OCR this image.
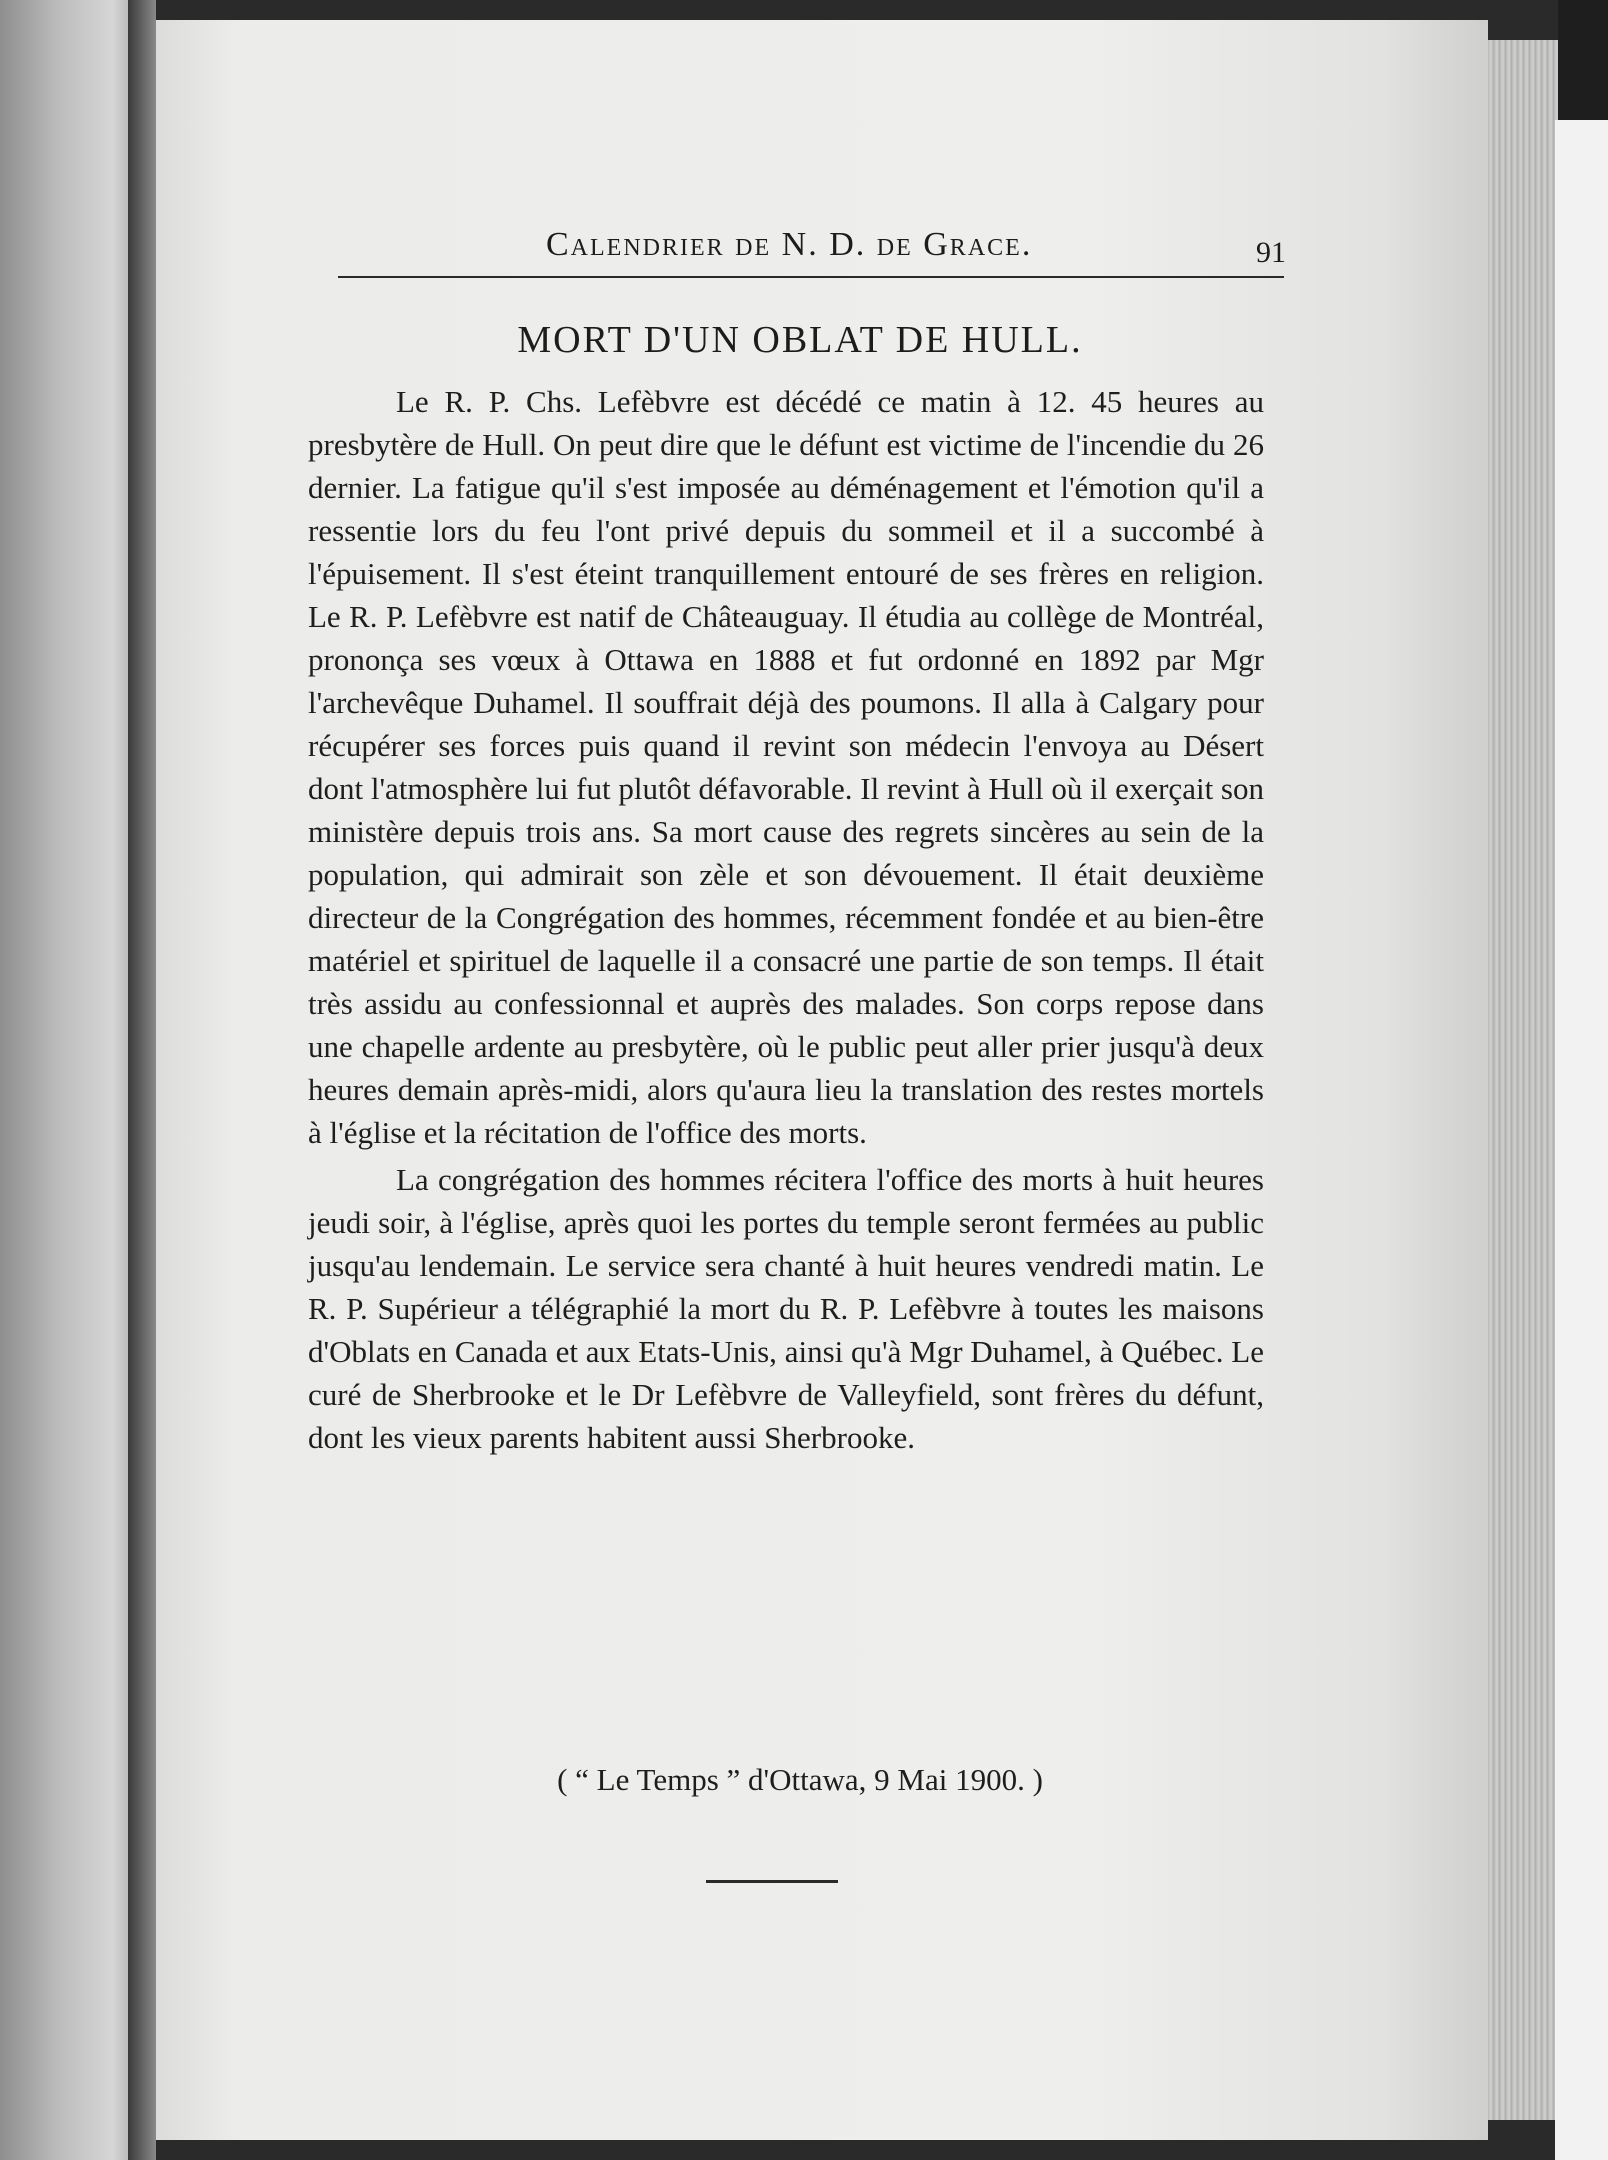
Calendrier de N. D. de Grace.	91
MORT D'UN OBLAT DE HULL.

Le R. P. Chs. Lefèbvre est décédé ce matin à 12. 45 heures au presbytère de Hull. On peut dire que le défunt est victime de l'incendie du 26 dernier. La fatigue qu'il s'est imposée au déménagement et l'émotion qu'il a ressentie lors du feu l'ont privé depuis du sommeil et il a succombé à l'épuisement. Il s'est éteint tranquillement entouré de ses frères en religion. Le R. P. Lefèbvre est natif de Châteauguay. Il étudia au collège de Montréal, prononça ses vœux à Ottawa en 1888 et fut ordonné en 1892 par Mgr l'archevêque Duhamel. Il souffrait déjà des poumons. Il alla à Calgary pour récupérer ses forces puis quand il revint son médecin l'envoya au Désert dont l'atmosphère lui fut plutôt défavorable. Il revint à Hull où il exerçait son ministère depuis trois ans. Sa mort cause des regrets sincères au sein de la population, qui admirait son zèle et son dévouement. Il était deuxième directeur de la Congrégation des hommes, récemment fondée et au bien-être matériel et spirituel de laquelle il a consacré une partie de son temps. Il était très assidu au confessionnal et auprès des malades. Son corps repose dans une chapelle ardente au presbytère, où le public peut aller prier jusqu'à deux heures demain après-midi, alors qu'aura lieu la translation des restes mortels à l'église et la récitation de l'office des morts.

La congrégation des hommes récitera l'office des morts à huit heures jeudi soir, à l'église, après quoi les portes du temple seront fermées au public jusqu'au lendemain. Le service sera chanté à huit heures vendredi matin. Le R. P. Supérieur a télégraphié la mort du R. P. Lefèbvre à toutes les maisons d'Oblats en Canada et aux Etats-Unis, ainsi qu'à Mgr Duhamel, à Québec. Le curé de Sherbrooke et le Dr Lefèbvre de Valleyfield, sont frères du défunt, dont les vieux parents habitent aussi Sherbrooke.

( “ Le Temps ” d'Ottawa, 9 Mai 1900. )
